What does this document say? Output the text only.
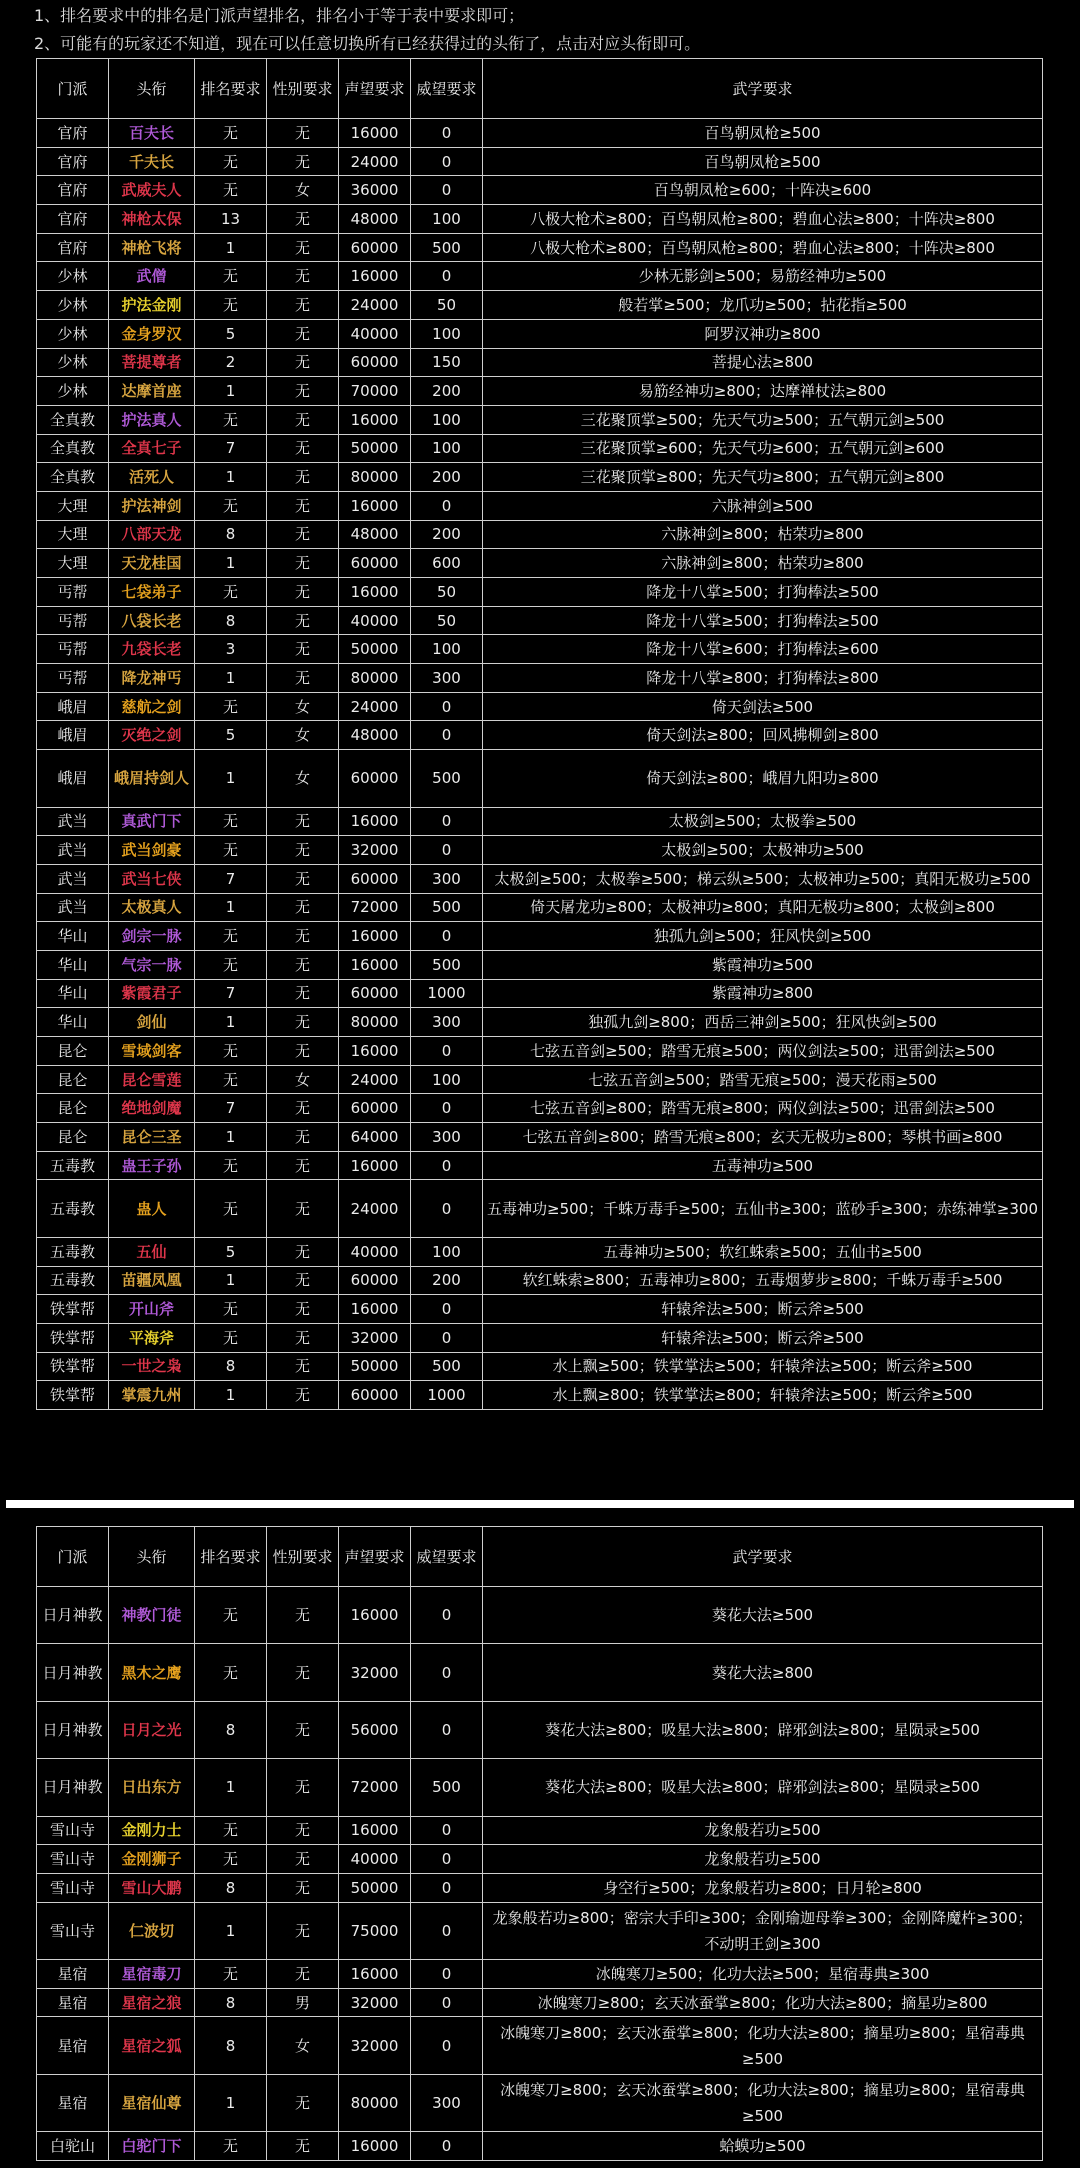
1、排名要求中的排名是门派声望排名，排名小于等于表中要求即可；
2、可能有的玩家还不知道，现在可以任意切换所有已经获得过的头衔了，点击对应头衔即可。
门派	头衔	排名要求	性别要求	声望要求	威望要求	武学要求
官府	百夫长	无	无	16000	0	百鸟朝凤枪≥500
官府	千夫长	无	无	24000	0	百鸟朝凤枪≥500
官府	武威夫人	无	女	36000	0	百鸟朝凤枪≥600；十阵决≥600
官府	神枪太保	13	无	48000	100	八极大枪术≥800；百鸟朝凤枪≥800；碧血心法≥800；十阵决≥800
官府	神枪飞将	1	无	60000	500	八极大枪术≥800；百鸟朝凤枪≥800；碧血心法≥800；十阵决≥800
少林	武僧	无	无	16000	0	少林无影剑≥500；易筋经神功≥500
少林	护法金刚	无	无	24000	50	般若掌≥500；龙爪功≥500；拈花指≥500
少林	金身罗汉	5	无	40000	100	阿罗汉神功≥800
少林	菩提尊者	2	无	60000	150	菩提心法≥800
少林	达摩首座	1	无	70000	200	易筋经神功≥800；达摩禅杖法≥800
全真教	护法真人	无	无	16000	100	三花聚顶掌≥500；先天气功≥500；五气朝元剑≥500
全真教	全真七子	7	无	50000	100	三花聚顶掌≥600；先天气功≥600；五气朝元剑≥600
全真教	活死人	1	无	80000	200	三花聚顶掌≥800；先天气功≥800；五气朝元剑≥800
大理	护法神剑	无	无	16000	0	六脉神剑≥500
大理	八部天龙	8	无	48000	200	六脉神剑≥800；枯荣功≥800
大理	天龙桂国	1	无	60000	600	六脉神剑≥800；枯荣功≥800
丐帮	七袋弟子	无	无	16000	50	降龙十八掌≥500；打狗棒法≥500
丐帮	八袋长老	8	无	40000	50	降龙十八掌≥500；打狗棒法≥500
丐帮	九袋长老	3	无	50000	100	降龙十八掌≥600；打狗棒法≥600
丐帮	降龙神丐	1	无	80000	300	降龙十八掌≥800；打狗棒法≥800
峨眉	慈航之剑	无	女	24000	0	倚天剑法≥500
峨眉	灭绝之剑	5	女	48000	0	倚天剑法≥800；回风拂柳剑≥800
峨眉	峨眉持剑人	1	女	60000	500	倚天剑法≥800；峨眉九阳功≥800
武当	真武门下	无	无	16000	0	太极剑≥500；太极拳≥500
武当	武当剑豪	无	无	32000	0	太极剑≥500；太极神功≥500
武当	武当七侠	7	无	60000	300	太极剑≥500；太极拳≥500；梯云纵≥500；太极神功≥500；真阳无极功≥500
武当	太极真人	1	无	72000	500	倚天屠龙功≥800；太极神功≥800；真阳无极功≥800；太极剑≥800
华山	剑宗一脉	无	无	16000	0	独孤九剑≥500；狂风快剑≥500
华山	气宗一脉	无	无	16000	500	紫霞神功≥500
华山	紫霞君子	7	无	60000	1000	紫霞神功≥800
华山	剑仙	1	无	80000	300	独孤九剑≥800；西岳三神剑≥500；狂风快剑≥500
昆仑	雪域剑客	无	无	16000	0	七弦五音剑≥500；踏雪无痕≥500；两仪剑法≥500；迅雷剑法≥500
昆仑	昆仑雪莲	无	女	24000	100	七弦五音剑≥500；踏雪无痕≥500；漫天花雨≥500
昆仑	绝地剑魔	7	无	60000	0	七弦五音剑≥800；踏雪无痕≥800；两仪剑法≥500；迅雷剑法≥500
昆仑	昆仑三圣	1	无	64000	300	七弦五音剑≥800；踏雪无痕≥800；玄天无极功≥800；琴棋书画≥800
五毒教	蛊王子孙	无	无	16000	0	五毒神功≥500
五毒教	蛊人	无	无	24000	0	五毒神功≥500；千蛛万毒手≥500；五仙书≥300；蓝砂手≥300；赤练神掌≥300
五毒教	五仙	5	无	40000	100	五毒神功≥500；软红蛛索≥500；五仙书≥500
五毒教	苗疆凤凰	1	无	60000	200	软红蛛索≥800；五毒神功≥800；五毒烟萝步≥800；千蛛万毒手≥500
铁掌帮	开山斧	无	无	16000	0	轩辕斧法≥500；断云斧≥500
铁掌帮	平海斧	无	无	32000	0	轩辕斧法≥500；断云斧≥500
铁掌帮	一世之枭	8	无	50000	500	水上飘≥500；铁掌掌法≥500；轩辕斧法≥500；断云斧≥500
铁掌帮	掌震九州	1	无	60000	1000	水上飘≥800；铁掌掌法≥800；轩辕斧法≥500；断云斧≥500
门派	头衔	排名要求	性别要求	声望要求	威望要求	武学要求
日月神教	神教门徒	无	无	16000	0	葵花大法≥500
日月神教	黑木之鹰	无	无	32000	0	葵花大法≥800
日月神教	日月之光	8	无	56000	0	葵花大法≥800；吸星大法≥800；辟邪剑法≥800；星陨录≥500
日月神教	日出东方	1	无	72000	500	葵花大法≥800；吸星大法≥800；辟邪剑法≥800；星陨录≥500
雪山寺	金刚力士	无	无	16000	0	龙象般若功≥500
雪山寺	金刚狮子	无	无	40000	0	龙象般若功≥500
雪山寺	雪山大鹏	8	无	50000	0	身空行≥500；龙象般若功≥800；日月轮≥800
雪山寺	仁波切	1	无	75000	0	龙象般若功≥800；密宗大手印≥300；金刚瑜迦母拳≥300；金刚降魔杵≥300；不动明王剑≥300
星宿	星宿毒刀	无	无	16000	0	冰魄寒刀≥500；化功大法≥500；星宿毒典≥300
星宿	星宿之狼	8	男	32000	0	冰魄寒刀≥800；玄天冰蚕掌≥800；化功大法≥800；摘星功≥800
星宿	星宿之狐	8	女	32000	0	冰魄寒刀≥800；玄天冰蚕掌≥800；化功大法≥800；摘星功≥800；星宿毒典≥500
星宿	星宿仙尊	1	无	80000	300	冰魄寒刀≥800；玄天冰蚕掌≥800；化功大法≥800；摘星功≥800；星宿毒典≥500
白驼山	白驼门下	无	无	16000	0	蛤蟆功≥500
